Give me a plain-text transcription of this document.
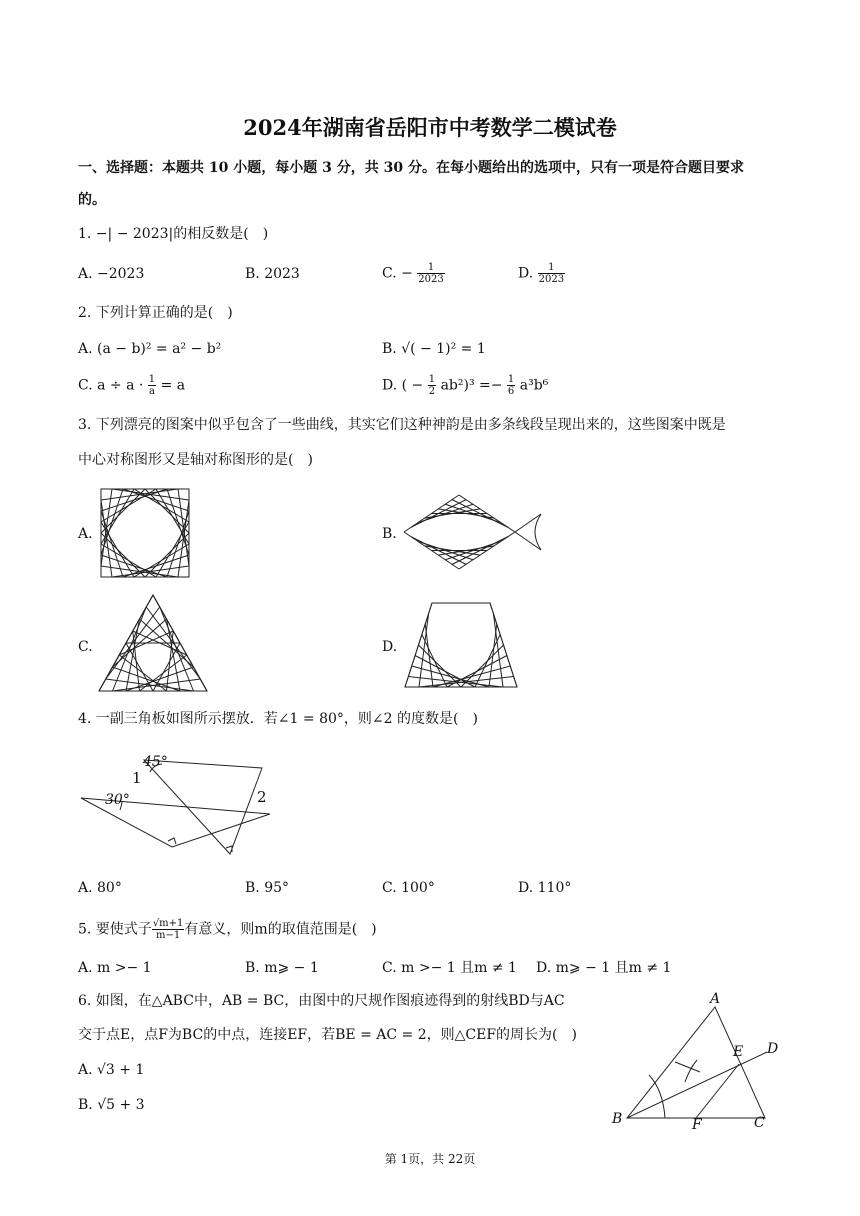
2024年湖南省岳阳市中考数学二模试卷
一、选择题：本题共 10 小题，每小题 3 分，共 30 分。在每小题给出的选项中，只有一项是符合题目要求
的。
1. −| − 2023|的相反数是(　)
A. −2023	B. 2023	C. − $\frac{1}{2023}$	D. $\frac{1}{2023}$
2. 下列计算正确的是(　)
A. (a − b)² = a² − b²	B. √( − 1)² = 1
C. $a \div a \cdot \frac{1}{a} = a$	D. ( − $\frac{1}{2} ab^2)^3 =- \frac{1}{6} a^3b^6$
3. 下列漂亮的图案中似乎包含了一些曲线，其实它们这种神韵是由多条线段呈现出来的，这些图案中既是
中心对称图形又是轴对称图形的是(　)
A.	B.
C.	D.
4. 一副三角板如图所示摆放．若∠1 = 80°，则∠2 的度数是(　)
45°
30°
1
2
A. 80°	B. 95°	C. 100°	D. 110°
5. 要使式子 $\frac{√m+1}{m-1}$ 有意义，则m的取值范围是(　)
A. m >− 1	B. m⩾ − 1	C. m >− 1 且m ≠ 1 D. m⩾ − 1 且m ≠ 1
6. 如图，在△ABC中，AB = BC，由图中的尺规作图痕迹得到的射线BD与AC
交于点E，点F为BC的中点，连接EF，若BE = AC = 2，则△CEF的周长为(　)
A. √3 + 1
B. √5 + 3
A
B	C
D
E
F
第 1页，共 22页
